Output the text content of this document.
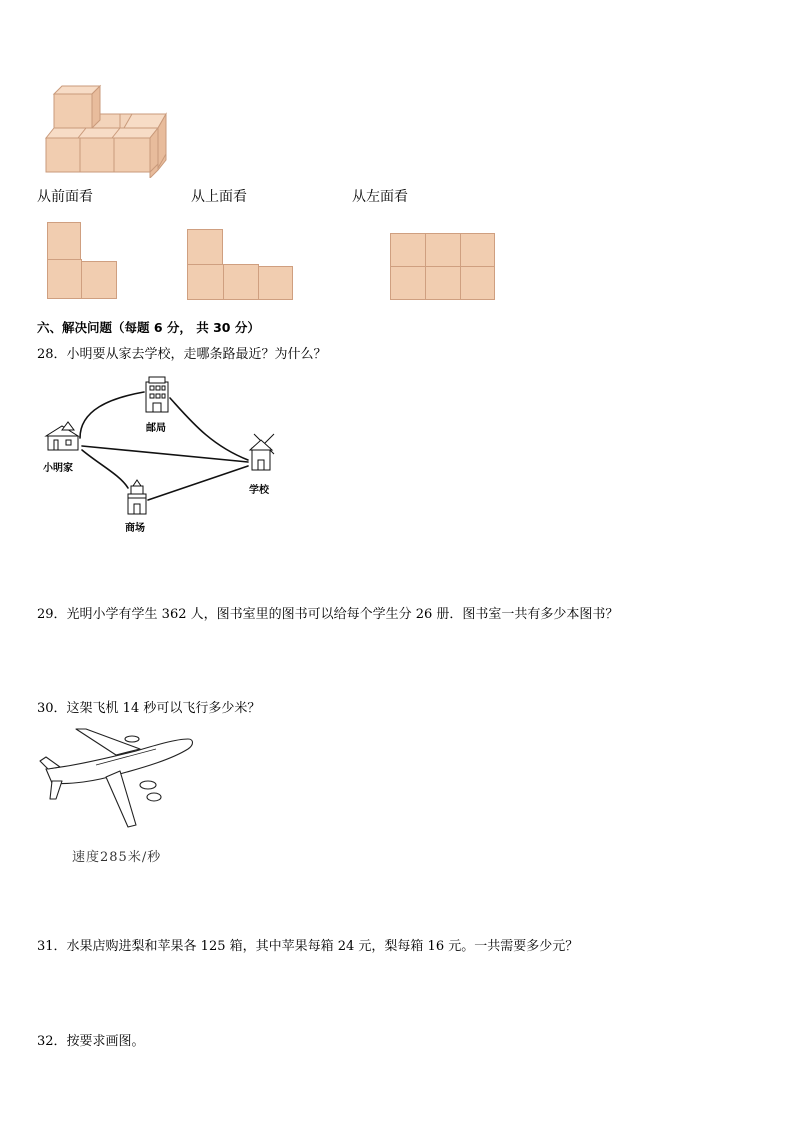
从前面看	从上面看	从左面看
六、解决问题（每题 6 分， 共 30 分）
28．小明要从家去学校，走哪条路最近？为什么？
邮局
小明家
学校
商场
29．光明小学有学生 362 人，图书室里的图书可以给每个学生分 26 册．图书室一共有多少本图书？
30．这架飞机 14 秒可以飞行多少米？
速度285米/秒
31．水果店购进梨和苹果各 125 箱，其中苹果每箱 24 元，梨每箱 16 元。一共需要多少元？
32．按要求画图。
